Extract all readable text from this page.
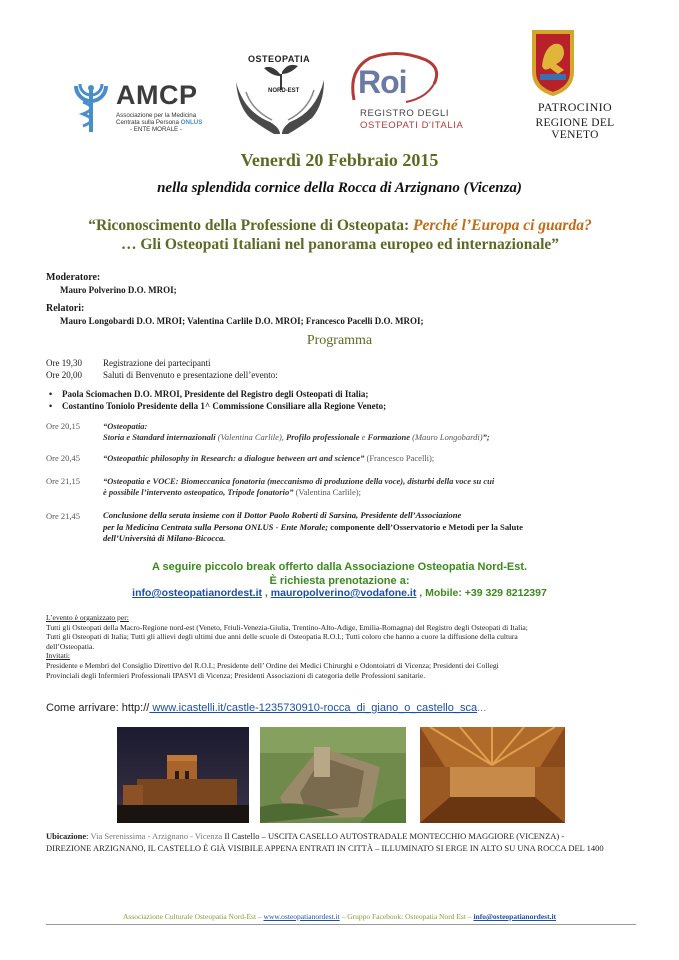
AMCP
Associazione per la Medicina
Centrata sulla Persona ONLUS
- ENTE MORALE -
OSTEOPATIA
NORD-EST Roi
REGISTRO DEGLI
OSTEOPATI D'ITALIA
PATROCINIO
REGIONE DEL VENETO
Venerdì 20 Febbraio 2015
nella splendida cornice della Rocca di Arzignano (Vicenza)
“Riconoscimento della Professione di Osteopata: Perché l’Europa ci guarda?
… Gli Osteopati Italiani nel panorama europeo ed internazionale”
Moderatore:
Mauro Polverino D.O. MROI;
Relatori:
Mauro Longobardi D.O. MROI; Valentina Carlile D.O. MROI; Francesco Pacelli D.O. MROI;
Programma
Ore 19,30 Registrazione dei partecipanti
Ore 20,00 Saluti di Benvenuto e presentazione dell’evento:
• Paola Sciomachen D.O. MROI, Presidente del Registro degli Osteopati di Italia;
• Costantino Toniolo Presidente della 1^ Commissione Consiliare alla Regione Veneto;
Ore 20,15	“Osteopatia:
Storia e Standard internazionali (Valentina Carlile), Profilo professionale e Formazione (Mauro Longobardi)”;
Ore 20,45	“Osteopathic philosophy in Research: a dialogue between art and science” (Francesco Pacelli);
Ore 21,15	“Osteopatia e VOCE: Biomeccanica fonatoria (meccanismo di produzione della voce), disturbi della voce su cui
è possibile l’intervento osteopatico, Tripode fonatorio” (Valentina Carlile);
Ore 21,45	Conclusione della serata insieme con il Dottor Paolo Roberti di Sarsina, Presidente dell’Associazione
per la Medicina Centrata sulla Persona ONLUS - Ente Morale; componente dell’Osservatorio e Metodi per la Salute
dell’Università di Milano-Bicocca.
A seguire piccolo break offerto dalla Associazione Osteopatia Nord-Est.
È richiesta prenotazione a:
info@osteopatianordest.it , mauropolverino@vodafone.it , Mobile: +39 329 8212397
L’evento è organizzato per:
Tutti gli Osteopati della Macro-Regione nord-est (Veneto, Friuli-Venezia-Giulia, Trentino-Alto-Adige, Emilia-Romagna) del Registro degli Osteopati di Italia;
Tutti gli Osteopati di Italia; Tutti gli allievi degli ultimi due anni delle scuole di Osteopatia R.O.I.; Tutti coloro che hanno a cuore la diffusione della cultura
dell’Osteopatia.
Invitati:
Presidente e Membri del Consiglio Direttivo del R.O.I.; Presidente dell’ Ordine dei Medici Chirurghi e Odontoiatri di Vicenza; Presidenti dei Collegi
Provinciali degli Infermieri Professionali IPASVI di Vicenza; Presidenti Associazioni di categoria delle Professioni sanitarie.
Come arrivare: http:// www.icastelli.it/castle-1235730910-rocca_di_giano_o_castello_sca...
Ubicazione: Via Serenissima - Arzignano - Vicenza Il Castello – USCITA CASELLO AUTOSTRADALE MONTECCHIO MAGGIORE (VICENZA) -
DIREZIONE ARZIGNANO, IL CASTELLO È GIÀ VISIBILE APPENA ENTRATI IN CITTÀ – ILLUMINATO SI ERGE IN ALTO SU UNA ROCCA DEL 1400
Associazione Culturale Osteopatia Nord-Est – www.osteopatianordest.it – Gruppo Facebook: Osteopatia Nord Est – info@osteopatianordest.it
